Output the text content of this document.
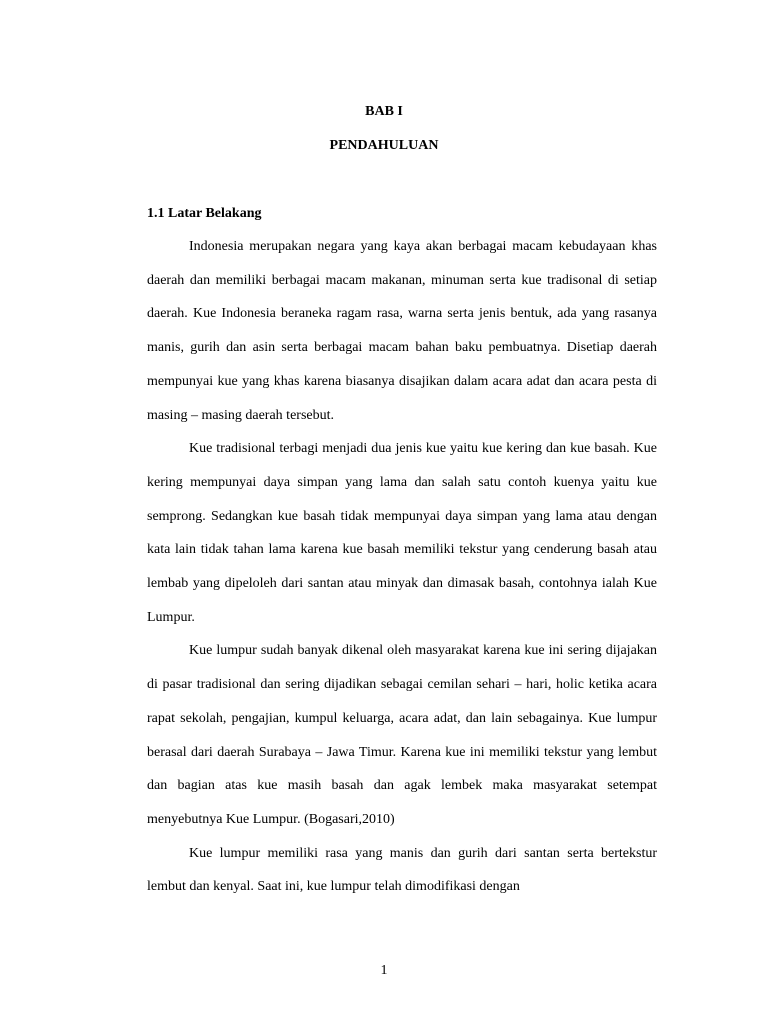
BAB I
PENDAHULUAN
1.1 Latar Belakang

Indonesia merupakan negara yang kaya akan berbagai macam kebudayaan khas daerah dan memiliki berbagai macam makanan, minuman serta kue tradisonal di setiap daerah. Kue Indonesia beraneka ragam rasa, warna serta jenis bentuk, ada yang rasanya manis, gurih dan asin serta berbagai macam bahan baku pembuatnya. Disetiap daerah mempunyai kue yang khas karena biasanya disajikan dalam acara adat dan acara pesta di masing – masing daerah tersebut.

Kue tradisional terbagi menjadi dua jenis kue yaitu kue kering dan kue basah. Kue kering mempunyai daya simpan yang lama dan salah satu contoh kuenya yaitu kue semprong. Sedangkan kue basah tidak mempunyai daya simpan yang lama atau dengan kata lain tidak tahan lama karena kue basah memiliki tekstur yang cenderung basah atau lembab yang dipeloleh dari santan atau minyak dan dimasak basah, contohnya ialah Kue Lumpur.

Kue lumpur sudah banyak dikenal oleh masyarakat karena kue ini sering dijajakan di pasar tradisional dan sering dijadikan sebagai cemilan sehari – hari, holic ketika acara rapat sekolah, pengajian, kumpul keluarga, acara adat, dan lain sebagainya. Kue lumpur berasal dari daerah Surabaya – Jawa Timur. Karena kue ini memiliki tekstur yang lembut dan bagian atas kue masih basah dan agak lembek maka masyarakat setempat menyebutnya Kue Lumpur. (Bogasari,2010)

Kue lumpur memiliki rasa yang manis dan gurih dari santan serta bertekstur lembut dan kenyal. Saat ini, kue lumpur telah dimodifikasi dengan

1
